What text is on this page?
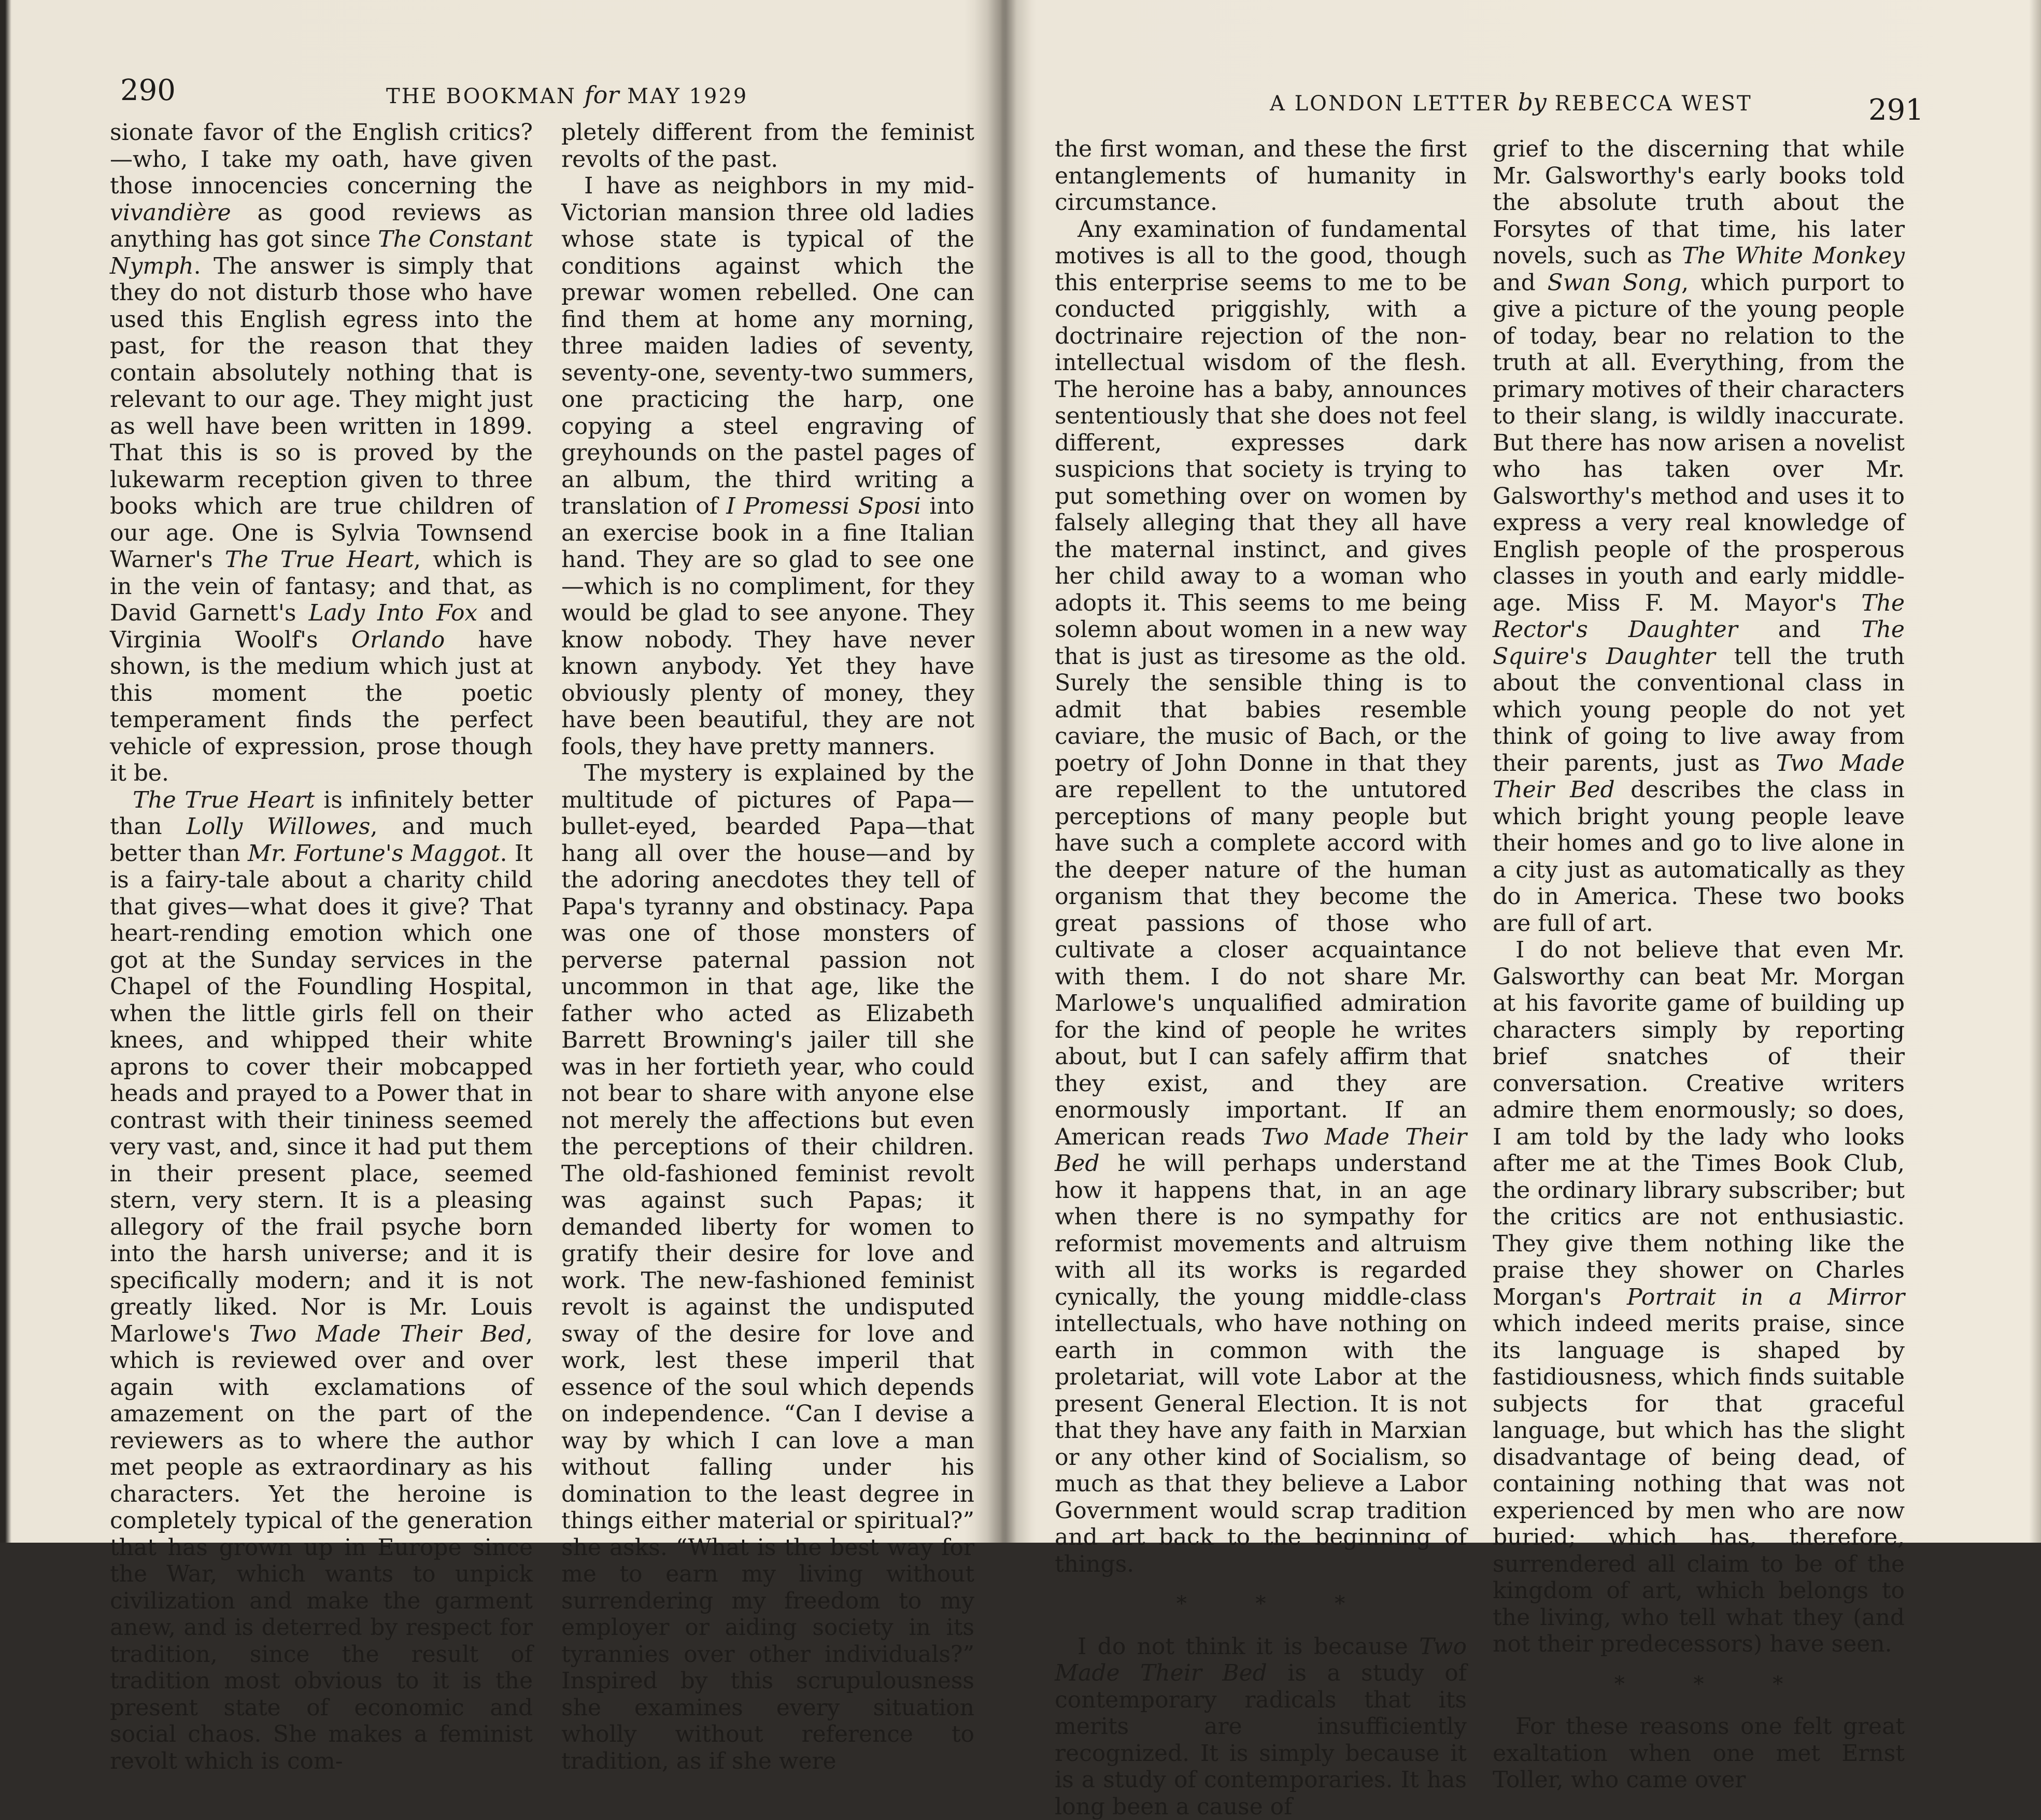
290	THE BOOKMAN for MAY 1929

sionate favor of the English critics?—who, I take my oath, have given those innocencies concerning the vivandière as good reviews as anything has got since The Constant Nymph. The answer is simply that they do not disturb those who have used this English egress into the past, for the reason that they contain absolutely nothing that is relevant to our age. They might just as well have been written in 1899. That this is so is proved by the lukewarm reception given to three books which are true children of our age. One is Sylvia Townsend Warner's The True Heart, which is in the vein of fantasy; and that, as David Garnett's Lady Into Fox and Virginia Woolf's Orlando have shown, is the medium which just at this moment the poetic temperament finds the perfect vehicle of expression, prose though it be.

The True Heart is infinitely better than Lolly Willowes, and much better than Mr. Fortune's Maggot. It is a fairy-tale about a charity child that gives—what does it give? That heart-rending emotion which one got at the Sunday services in the Chapel of the Foundling Hospital, when the little girls fell on their knees, and whipped their white aprons to cover their mobcapped heads and prayed to a Power that in contrast with their tininess seemed very vast, and, since it had put them in their present place, seemed stern, very stern. It is a pleasing allegory of the frail psyche born into the harsh universe; and it is specifically modern; and it is not greatly liked. Nor is Mr. Louis Marlowe's Two Made Their Bed, which is reviewed over and over again with exclamations of amazement on the part of the reviewers as to where the author met people as extraordinary as his characters. Yet the heroine is completely typical of the generation that has grown up in Europe since the War, which wants to unpick civilization and make the garment anew, and is deterred by respect for tradition, since the result of tradition most obvious to it is the present state of economic and social chaos. She makes a feminist revolt which is com-

pletely different from the feminist revolts of the past.

I have as neighbors in my mid-Victorian mansion three old ladies whose state is typical of the conditions against which the prewar women rebelled. One can find them at home any morning, three maiden ladies of seventy, seventy-one, seventy-two summers, one practicing the harp, one copying a steel engraving of greyhounds on the pastel pages of an album, the third writing a translation of I Promessi Sposi into an exercise book in a fine Italian hand. They are so glad to see one —which is no compliment, for they would be glad to see anyone. They know nobody. They have never known anybody. Yet they have obviously plenty of money, they have been beautiful, they are not fools, they have pretty manners.

The mystery is explained by the multitude of pictures of Papa—bullet-eyed, bearded Papa—that hang all over the house—and by the adoring anecdotes they tell of Papa's tyranny and obstinacy. Papa was one of those monsters of perverse paternal passion not uncommon in that age, like the father who acted as Elizabeth Barrett Browning's jailer till she was in her fortieth year, who could not bear to share with anyone else not merely the affections but even the perceptions of their children. The old-fashioned feminist revolt was against such Papas; it demanded liberty for women to gratify their desire for love and work. The new-fashioned feminist revolt is against the undisputed sway of the desire for love and work, lest these imperil that essence of the soul which depends on independence. “Can I devise a way by which I can love a man without falling under his domination to the least degree in things either material or spiritual?” she asks. “What is the best way for me to earn my living without surrendering my freedom to my employer or aiding society in its tyrannies over other individuals?” Inspired by this scrupulousness she examines every situation wholly without reference to tradition, as if she were

A LONDON LETTER by REBECCA WEST	291

the first woman, and these the first entanglements of humanity in circumstance.

Any examination of fundamental motives is all to the good, though this enterprise seems to me to be conducted priggishly, with a doctrinaire rejection of the non-intellectual wisdom of the flesh. The heroine has a baby, announces sententiously that she does not feel different, expresses dark suspicions that society is trying to put something over on women by falsely alleging that they all have the maternal instinct, and gives her child away to a woman who adopts it. This seems to me being solemn about women in a new way that is just as tiresome as the old. Surely the sensible thing is to admit that babies resemble caviare, the music of Bach, or the poetry of John Donne in that they are repellent to the untutored perceptions of many people but have such a complete accord with the deeper nature of the human organism that they become the great passions of those who cultivate a closer acquaintance with them. I do not share Mr. Marlowe's unqualified admiration for the kind of people he writes about, but I can safely affirm that they exist, and they are enormously important. If an American reads Two Made Their Bed he will perhaps understand how it happens that, in an age when there is no sympathy for reformist movements and altruism with all its works is regarded cynically, the young middle-class intellectuals, who have nothing on earth in common with the proletariat, will vote Labor at the present General Election. It is not that they have any faith in Marxian or any other kind of Socialism, so much as that they believe a Labor Government would scrap tradition and art back to the beginning of things.

* * *

I do not think it is because Two Made Their Bed is a study of contemporary radicals that its merits are insufficiently recognized. It is simply because it is a study of contemporaries. It has long been a cause of

grief to the discerning that while Mr. Galsworthy's early books told the absolute truth about the Forsytes of that time, his later novels, such as The White Monkey and Swan Song, which purport to give a picture of the young people of today, bear no relation to the truth at all. Everything, from the primary motives of their characters to their slang, is wildly inaccurate. But there has now arisen a novelist who has taken over Mr. Galsworthy's method and uses it to express a very real knowledge of English people of the prosperous classes in youth and early middle-age. Miss F. M. Mayor's The Rector's Daughter and The Squire's Daughter tell the truth about the conventional class in which young people do not yet think of going to live away from their parents, just as Two Made Their Bed describes the class in which bright young people leave their homes and go to live alone in a city just as automatically as they do in America. These two books are full of art.

I do not believe that even Mr. Galsworthy can beat Mr. Morgan at his favorite game of building up characters simply by reporting brief snatches of their conversation. Creative writers admire them enormously; so does, I am told by the lady who looks after me at the Times Book Club, the ordinary library subscriber; but the critics are not enthusiastic. They give them nothing like the praise they shower on Charles Morgan's Portrait in a Mirror which indeed merits praise, since its language is shaped by fastidiousness, which finds suitable subjects for that graceful language, but which has the slight disadvantage of being dead, of containing nothing that was not experienced by men who are now buried; which has, therefore, surrendered all claim to be of the kingdom of art, which belongs to the living, who tell what they (and not their predecessors) have seen.

* * *

For these reasons one felt great exaltation when one met Ernst Toller, who came over
